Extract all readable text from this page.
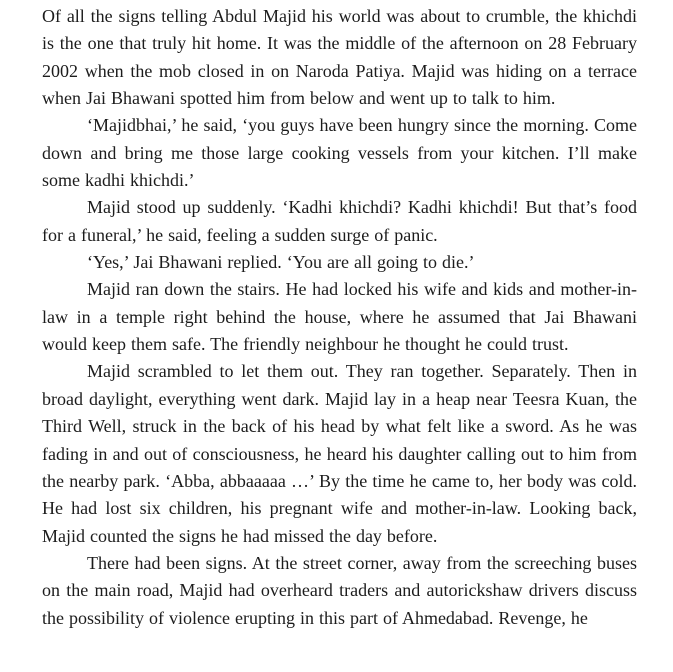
Of all the signs telling Abdul Majid his world was about to crumble, the khichdi is the one that truly hit home. It was the middle of the afternoon on 28 February 2002 when the mob closed in on Naroda Patiya. Majid was hiding on a terrace when Jai Bhawani spotted him from below and went up to talk to him.

‘Majidbhai,’ he said, ‘you guys have been hungry since the morning. Come down and bring me those large cooking vessels from your kitchen. I’ll make some kadhi khichdi.’

Majid stood up suddenly. ‘Kadhi khichdi? Kadhi khichdi! But that’s food for a funeral,’ he said, feeling a sudden surge of panic.

‘Yes,’ Jai Bhawani replied. ‘You are all going to die.’

Majid ran down the stairs. He had locked his wife and kids and mother-in-law in a temple right behind the house, where he assumed that Jai Bhawani would keep them safe. The friendly neighbour he thought he could trust.

Majid scrambled to let them out. They ran together. Separately. Then in broad daylight, everything went dark. Majid lay in a heap near Teesra Kuan, the Third Well, struck in the back of his head by what felt like a sword. As he was fading in and out of consciousness, he heard his daughter calling out to him from the nearby park. ‘Abba, abbaaaaa …’ By the time he came to, her body was cold. He had lost six children, his pregnant wife and mother-in-law. Looking back, Majid counted the signs he had missed the day before.

There had been signs. At the street corner, away from the screeching buses on the main road, Majid had overheard traders and autorickshaw drivers discuss the possibility of violence erupting in this part of Ahmedabad. Revenge, he
